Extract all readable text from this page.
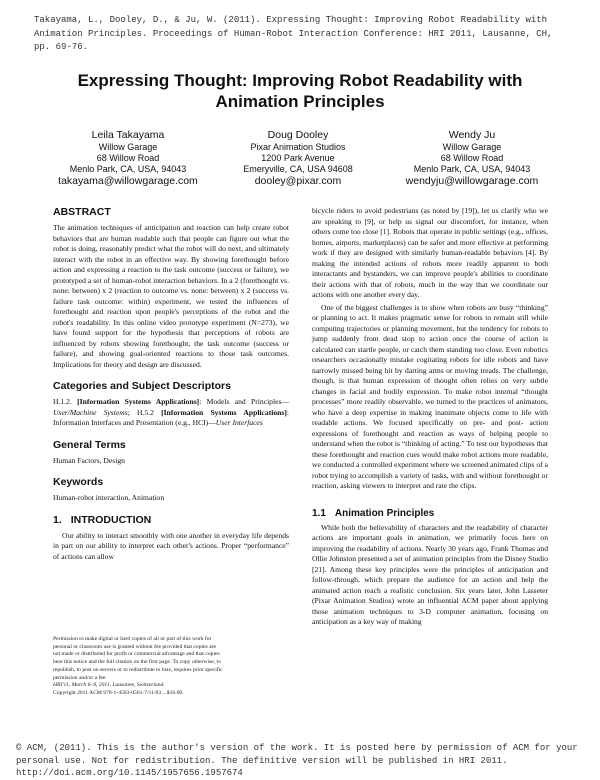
Takayama, L., Dooley, D., & Ju, W. (2011). Expressing Thought: Improving Robot Readability with
Animation Principles. Proceedings of Human-Robot Interaction Conference: HRI 2011, Lausanne, CH,
pp. 69-76.
Expressing Thought: Improving Robot Readability with
Animation Principles
Leila Takayama
Willow Garage
68 Willow Road
Menlo Park, CA, USA, 94043
takayama@willowgarage.com
Doug Dooley
Pixar Animation Studios
1200 Park Avenue
Emeryville, CA, USA 94608
dooley@pixar.com
Wendy Ju
Willow Garage
68 Willow Road
Menlo Park, CA, USA, 94043
wendyju@willowgarage.com
ABSTRACT

The animation techniques of anticipation and reaction can help create robot behaviors that are human readable such that people can figure out what the robot is doing, reasonably predict what the robot will do next, and ultimately interact with the robot in an effective way. By showing forethought before action and expressing a reaction to the task outcome (success or failure), we prototyped a set of human-robot interaction behaviors. In a 2 (forethought vs. none: between) x 2 (reaction to outcome vs. none: between) x 2 (success vs. failure task outcome: within) experiment, we tested the influences of forethought and reaction upon people's perceptions of the robot and the robot's readability. In this online video prototype experiment (N=273), we have found support for the hypothesis that perceptions of robots are influenced by robots showing forethought, the task outcome (success or failure), and showing goal-oriented reactions to those task outcomes. Implications for theory and design are discussed.

Categories and Subject Descriptors

H.1.2. [Information Systems Applications]: Models and Principles—User/Machine Systems; H.5.2 [Information Systems Applications]: Information Interfaces and Presentation (e.g., HCI)—User Interfaces

General Terms

Human Factors, Design

Keywords

Human-robot interaction, Animation

1. INTRODUCTION

Our ability to interact smoothly with one another in everyday life depends in part on our ability to interpret each other's actions. Proper “performance” of actions can allow

Permission to make digital or hard copies of all or part of this work for
personal or classroom use is granted without fee provided that copies are
not made or distributed for profit or commercial advantage and that copies
bear this notice and the full citation on the first page. To copy otherwise, to
republish, to post on servers or to redistribute to lists, requires prior specific
permission and/or a fee.
HRI'11, March 6–9, 2011, Lausanne, Switzerland.
Copyright 2011 ACM 978-1-4503-0561-7/11/03 ...$10.00.

bicycle riders to avoid pedestrians (as noted by [19]), let us clarify who we are speaking to [9], or help us signal our discomfort, for instance, when others come too close [1]. Robots that operate in public settings (e.g., offices, homes, airports, marketplaces) can be safer and more effective at performing work if they are designed with similarly human-readable behaviors [4]. By making the intended actions of robots more readily apparent to both interactants and bystanders, we can improve people's abilities to coordinate their actions with that of robots, much in the way that we coordinate our actions with one another every day.

One of the biggest challenges is to show when robots are busy “thinking” or planning to act. It makes pragmatic sense for robots to remain still while computing trajectories or planning movement, but the tendency for robots to jump suddenly from dead stop to action once the course of action is calculated can startle people, or catch them standing too close. Even robotics researchers occasionally mistake cogitating robots for idle robots and have narrowly missed being hit by darting arms or moving treads. The challenge, though, is that human expression of thought often relies on very subtle changes in facial and bodily expression. To make robot internal “thought processes” more readily observable, we turned to the practices of animators, who have a deep expertise in making inanimate objects come to life with readable actions. We focused specifically on pre- and post- action expressions of forethought and reaction as ways of helping people to understand when the robot is “thinking of acting.” To test our hypotheses that these forethought and reaction cues would make robot actions more readable, we conducted a controlled experiment where we screened animated clips of a robot trying to accomplish a variety of tasks, with and without forethought or reaction, asking viewers to interpret and rate the clips.

1.1 Animation Principles

While both the believability of characters and the readability of character actions are important goals in animation, we primarily focus here on improving the readability of actions. Nearly 30 years ago, Frank Thomas and Ollie Johnston presented a set of animation principles from the Disney Studio [21]. Among these key principles were the principles of anticipation and follow-through, which prepare the audience for an action and help the animated action reach a realistic conclusion. Six years later, John Lasseter (Pixar Animation Studios) wrote an influential ACM paper about applying those animation techniques to 3-D computer animation, focusing on anticipation as a key way of making

© ACM, (2011). This is the author's version of the work. It is posted here by permission of ACM for your
personal use. Not for redistribution. The definitive version will be published in HRI 2011.
http://doi.acm.org/10.1145/1957656.1957674
